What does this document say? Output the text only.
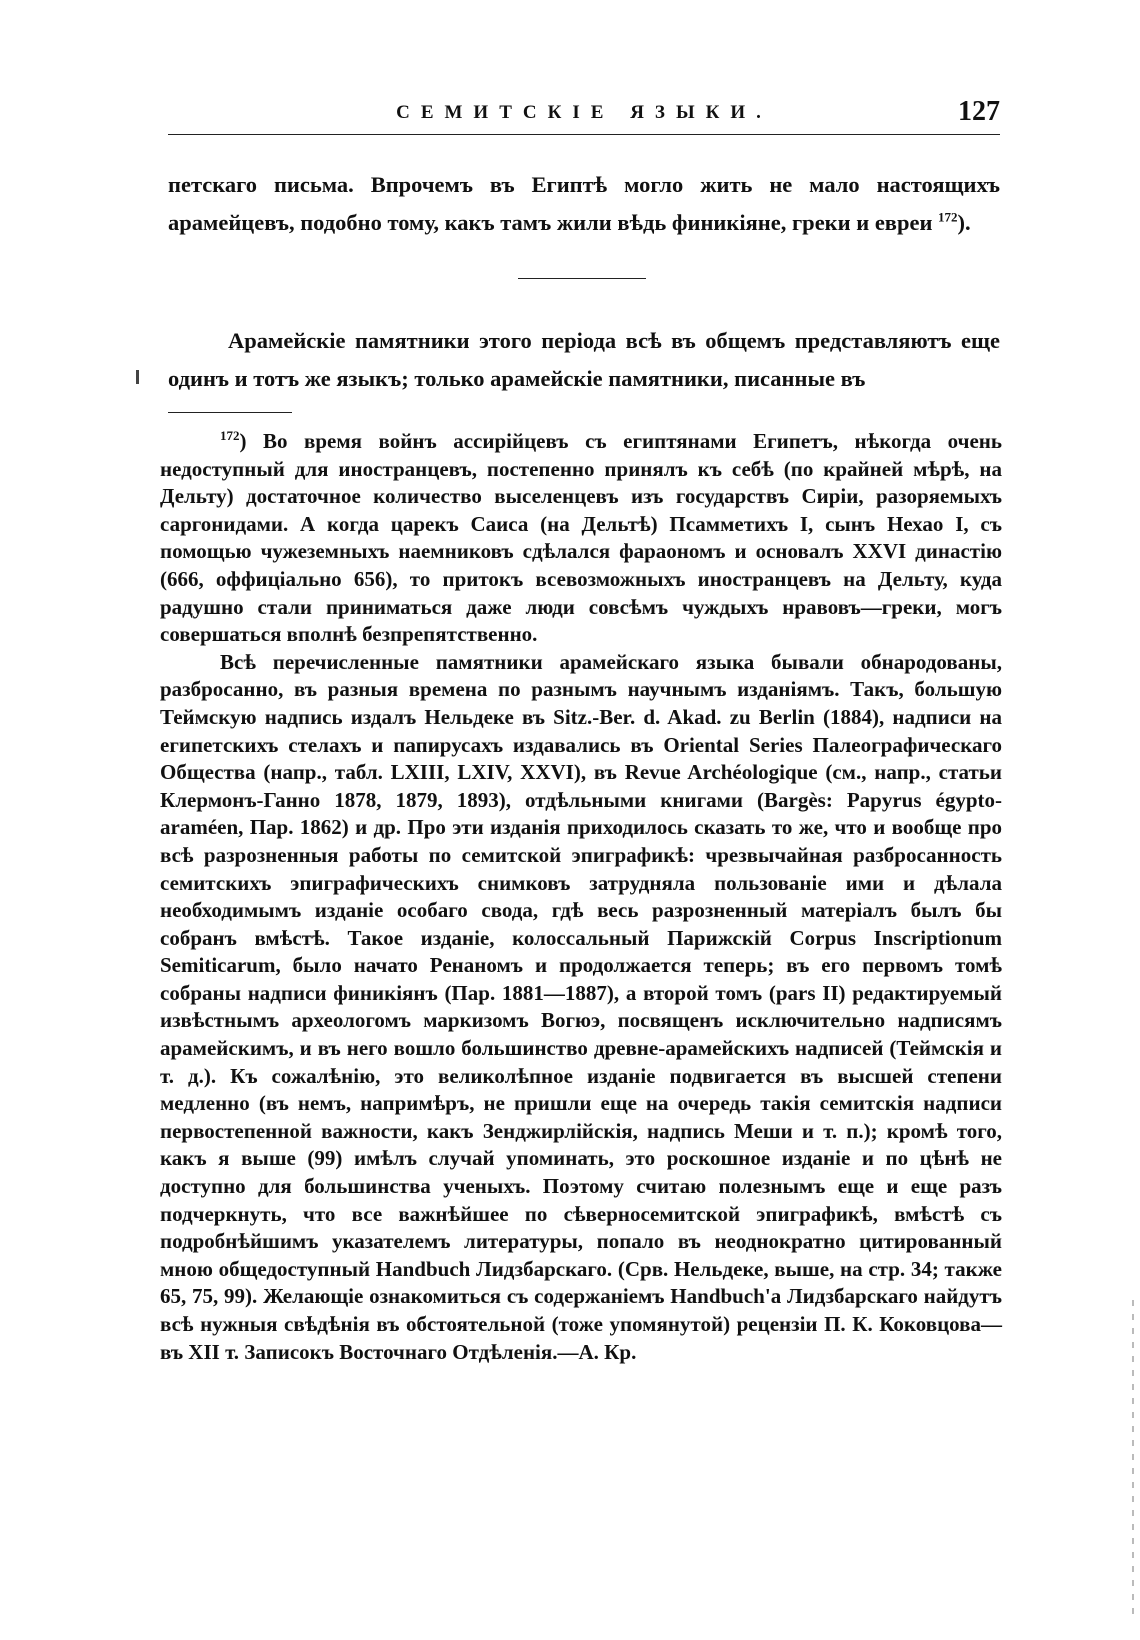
СЕМИТСКІЕ ЯЗЫКИ.	127
петскаго письма. Впрочемъ въ Египтѣ могло жить не мало настоящихъ арамейцевъ, подобно тому, какъ тамъ жили вѣдь финикіяне, греки и евреи $^{172}$).
Арамейскіе памятники этого періода всѣ въ общемъ представляютъ еще одинъ и тотъ же языкъ; только арамейскіе памятники, писанные въ

$^{172}$) Во время войнъ ассирійцевъ съ египтянами Египетъ, нѣкогда очень недоступный для иностранцевъ, постепенно принялъ къ себѣ (по крайней мѣрѣ, на Дельту) достаточное количество выселенцевъ изъ государствъ Сиріи, разоряемыхъ саргонидами. А когда царекъ Саиса (на Дельтѣ) Псамметихъ I, сынъ Нехао I, съ помощью чужеземныхъ наемниковъ сдѣлался фараономъ и основалъ XXVI династію (666, оффиціально 656), то притокъ всевозможныхъ иностранцевъ на Дельту, куда радушно стали приниматься даже люди совсѣмъ чуждыхъ нравовъ—греки, могъ совершаться вполнѣ безпрепятственно.

Всѣ перечисленные памятники арамейскаго языка бывали обнародованы, разбросанно, въ разныя времена по разнымъ научнымъ изданіямъ. Такъ, большую Теймскую надпись издалъ Нельдеке въ Sitz.-Ber. d. Akad. zu Berlin (1884), надписи на египетскихъ стелахъ и папирусахъ издавались въ Oriental Series Палеографическаго Общества (напр., табл. LXIII, LXIV, XXVI), въ Revue Archéologique (см., напр., статьи Клермонъ-Ганно 1878, 1879, 1893), отдѣльными книгами (Bargès: Papyrus égypto-araméen, Пар. 1862) и др. Про эти изданія приходилось сказать то же, что и вообще про всѣ разрозненныя работы по семитской эпиграфикѣ: чрезвычайная разбросанность семитскихъ эпиграфическихъ снимковъ затрудняла пользованіе ими и дѣлала необходимымъ изданіе особаго свода, гдѣ весь разрозненный матеріалъ былъ бы собранъ вмѣстѣ. Такое изданіе, колоссальный Парижскій Corpus Inscriptionum Semiticarum, было начато Ренаномъ и продолжается теперь; въ его первомъ томѣ собраны надписи финикіянъ (Пар. 1881—1887), а второй томъ (pars II) редактируемый извѣстнымъ археологомъ маркизомъ Вогюэ, посвященъ исключительно надписямъ арамейскимъ, и въ него вошло большинство древне-арамейскихъ надписей (Теймскія и т. д.). Къ сожалѣнію, это великолѣпное изданіе подвигается въ высшей степени медленно (въ немъ, напримѣръ, не пришли еще на очередь такія семитскія надписи первостепенной важности, какъ Зенджирлійскія, надпись Меши и т. п.); кромѣ того, какъ я выше (99) имѣлъ случай упоминать, это роскошное изданіе и по цѣнѣ не доступно для большинства ученыхъ. Поэтому считаю полезнымъ еще и еще разъ подчеркнуть, что все важнѣйшее по сѣверносемитской эпиграфикѣ, вмѣстѣ съ подробнѣйшимъ указателемъ литературы, попало въ неоднократно цитированный мною общедоступный Handbuch Лидзбарскаго. (Срв. Нельдеке, выше, на стр. 34; также 65, 75, 99). Желающіе ознакомиться съ содержаніемъ Handbuch'а Лидзбарскаго найдутъ всѣ нужныя свѣдѣнія въ обстоятельной (тоже упомянутой) рецензіи П. К. Коковцова—въ XII т. Записокъ Восточнаго Отдѣленія.—А. Кр.
